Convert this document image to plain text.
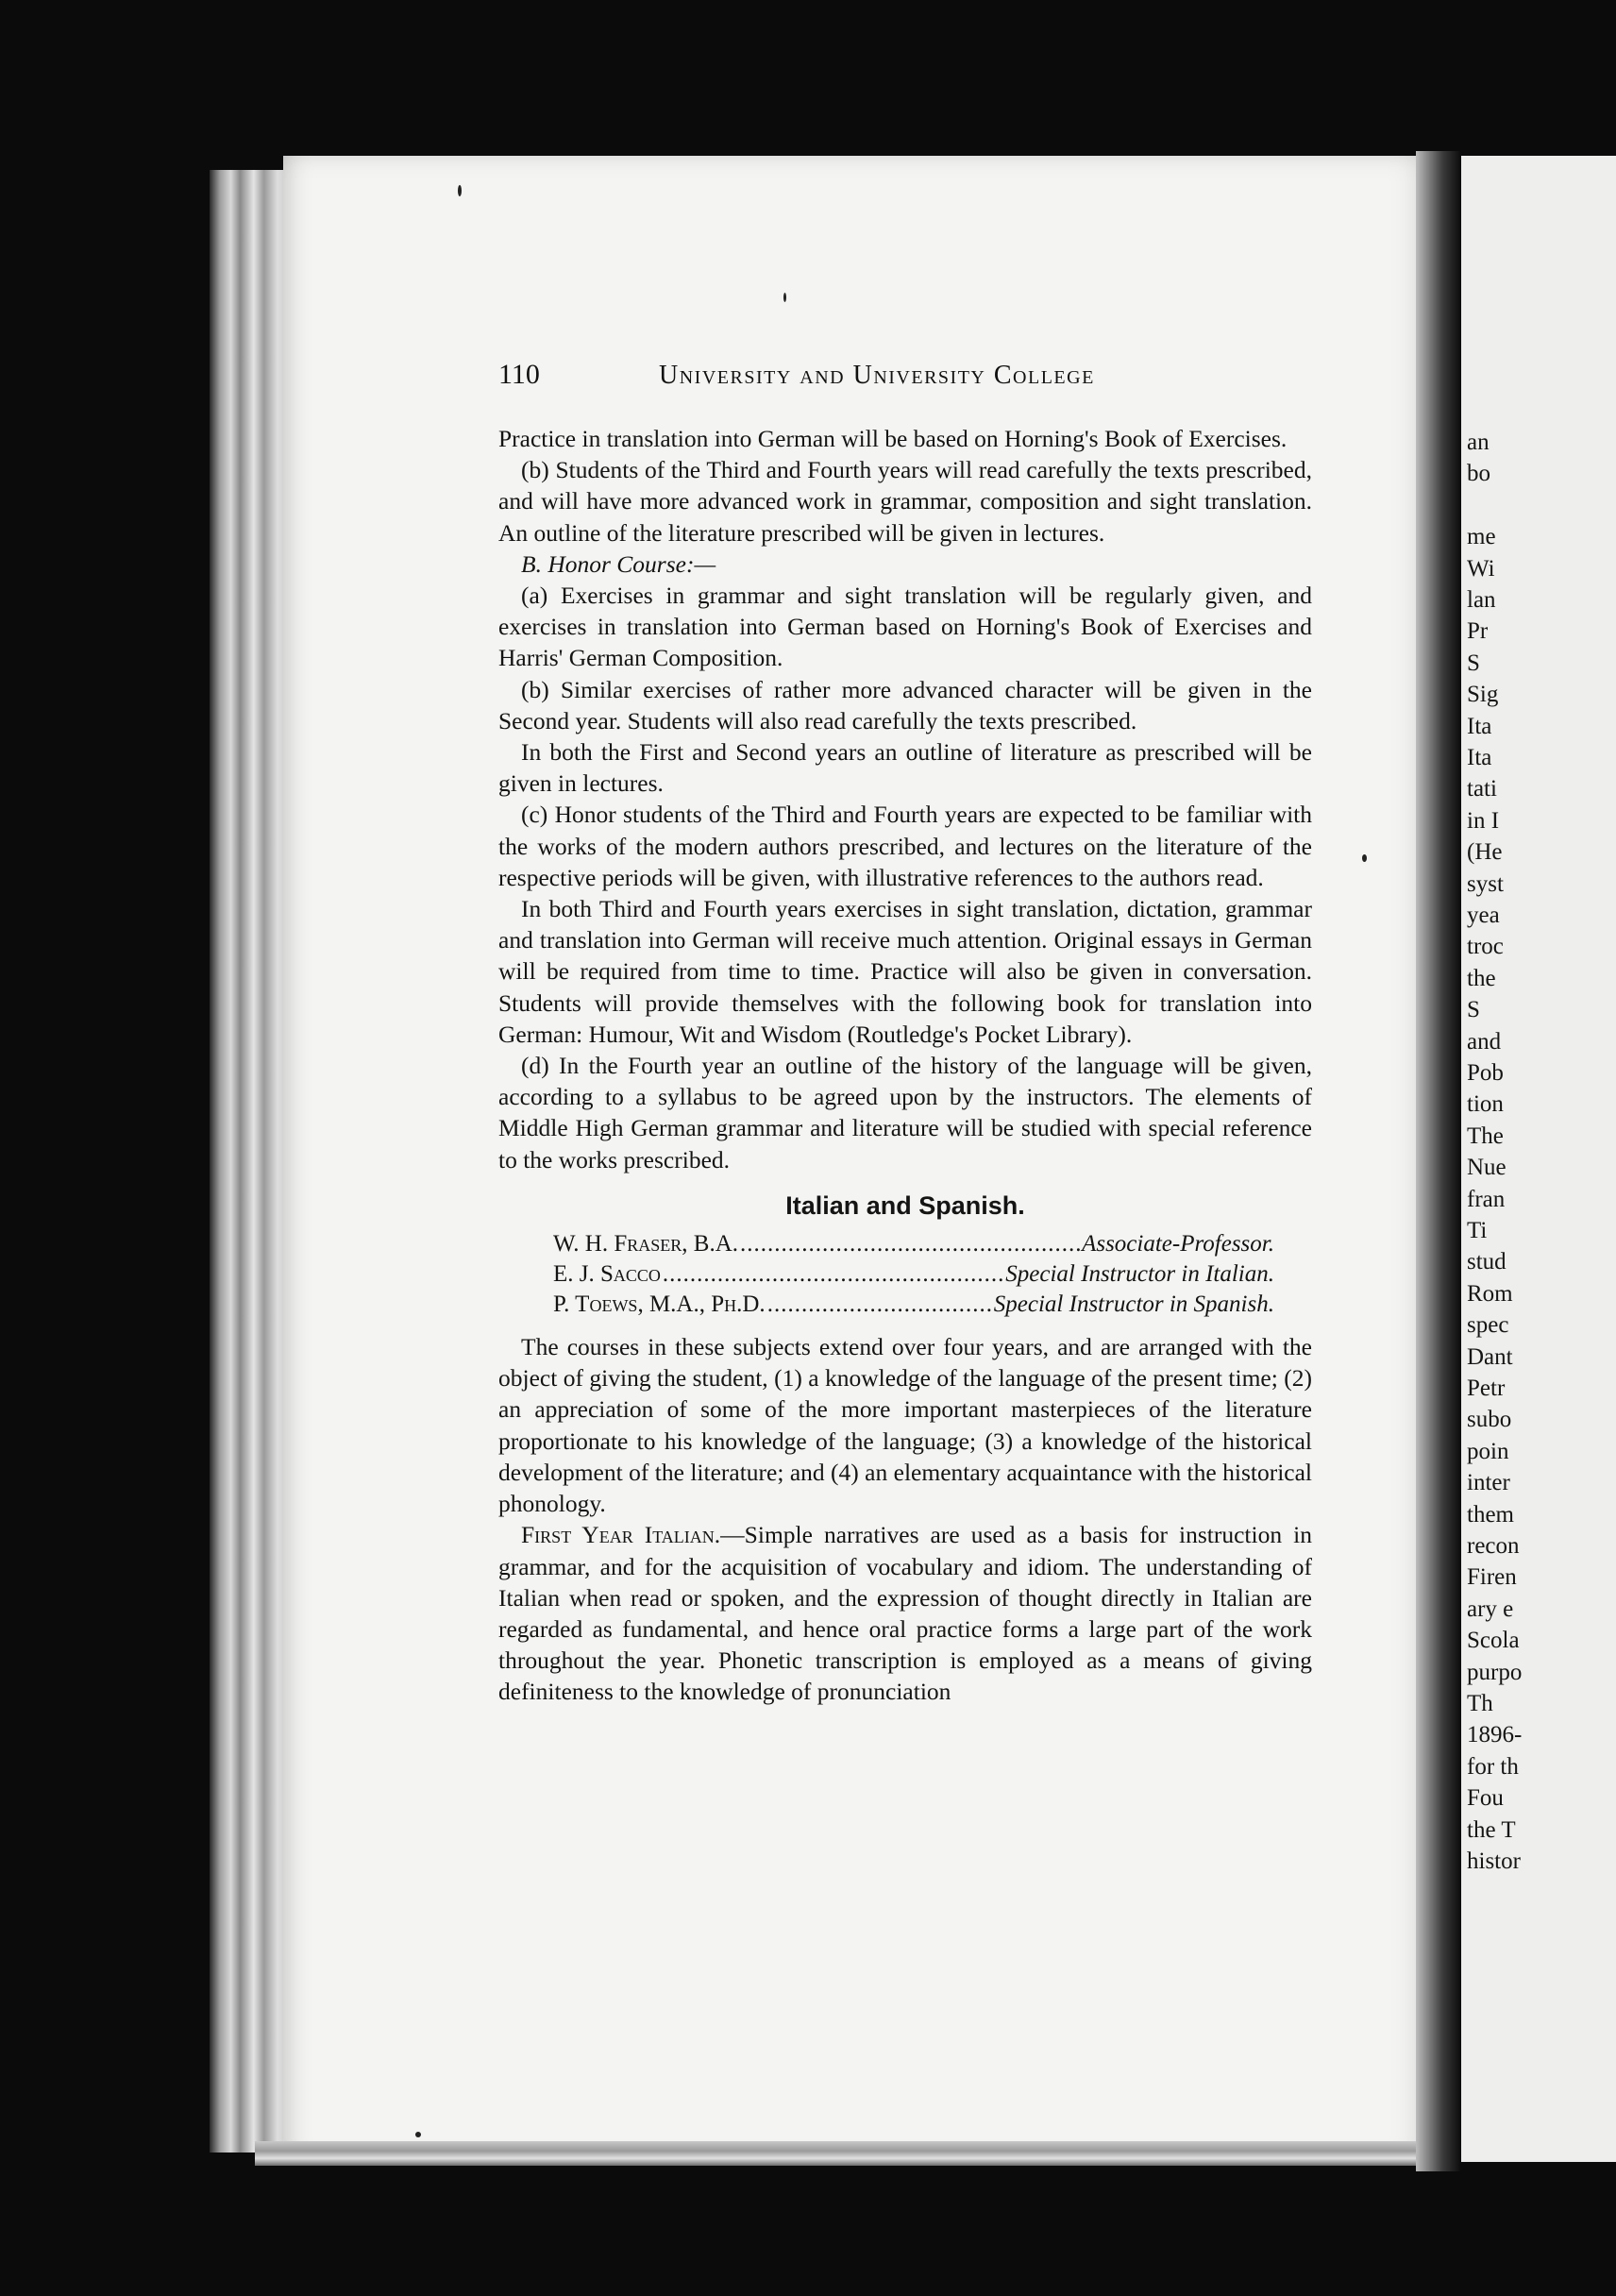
an
bo
me
Wi
lan
Pr
S
Sig
Ita
Ita
tati
in I
(He
syst
yea
troc
the
S
and
Pob
tion
The
Nue
fran
Ti
stud
Rom
spec
Dant
Petr
subo
poin
inter
them
recon
Firen
ary e
Scola
purpo
Th
1896-
for th
Fou
the T
histor
110	University and University College

Practice in translation into German will be based on Horning's Book of Exercises.

(b) Students of the Third and Fourth years will read carefully the texts prescribed, and will have more advanced work in grammar, composition and sight translation. An outline of the literature prescribed will be given in lectures.

B. Honor Course:—

(a) Exercises in grammar and sight translation will be regularly given, and exercises in translation into German based on Horning's Book of Exercises and Harris' German Composition.

(b) Similar exercises of rather more advanced character will be given in the Second year. Students will also read carefully the texts prescribed.

In both the First and Second years an outline of literature as prescribed will be given in lectures.

(c) Honor students of the Third and Fourth years are expected to be familiar with the works of the modern authors prescribed, and lectures on the literature of the respective periods will be given, with illustrative references to the authors read.

In both Third and Fourth years exercises in sight translation, dictation, grammar and translation into German will receive much attention. Original essays in German will be required from time to time. Practice will also be given in conversation. Students will provide themselves with the following book for translation into German: Humour, Wit and Wisdom (Routledge's Pocket Library).

(d) In the Fourth year an outline of the history of the language will be given, according to a syllabus to be agreed upon by the instructors. The elements of Middle High German grammar and literature will be studied with special reference to the works prescribed.

Italian and Spanish.
W. H. Fraser, B.A. .....	Associate-Professor.
E. J. Sacco .....	Special Instructor in Italian.
P. Toews, M.A., Ph.D. .....	Special Instructor in Spanish.

The courses in these subjects extend over four years, and are arranged with the object of giving the student, (1) a knowledge of the language of the present time; (2) an appreciation of some of the more important masterpieces of the literature proportionate to his knowledge of the language; (3) a knowledge of the historical development of the literature; and (4) an elementary acquaintance with the historical phonology.

First Year Italian.—Simple narratives are used as a basis for instruction in grammar, and for the acquisition of vocabulary and idiom. The understanding of Italian when read or spoken, and the expression of thought directly in Italian are regarded as fundamental, and hence oral practice forms a large part of the work throughout the year. Phonetic transcription is employed as a means of giving definiteness to the knowledge of pronunciation
